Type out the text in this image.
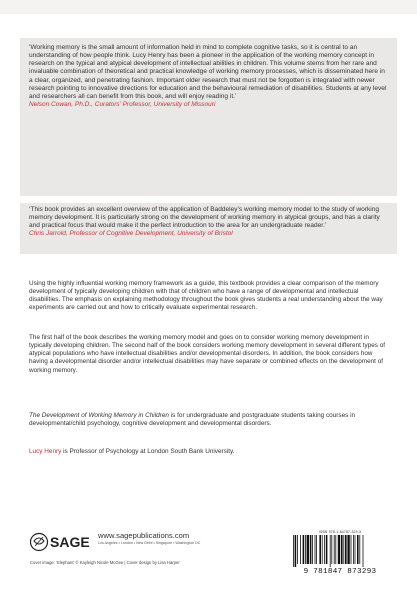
‘Working memory is the small amount of information held in mind to complete cognitive tasks, so it is central to an understanding of how people think. Lucy Henry has been a pioneer in the application of the working memory concept in research on the typical and atypical development of intellectual abilities in children. This volume stems from her rare and invaluable combination of theoretical and practical knowledge of working memory processes, which is disseminated here in a clear, organized, and penetrating fashion. Important older research that must not be forgotten is integrated with newer research pointing to innovative directions for education and the behavioural remediation of disabilities. Students at any level and researchers all can benefit from this book, and will enjoy reading it.’
Nelson Cowan, Ph.D., Curators’ Professor, University of Missouri
‘This book provides an excellent overview of the application of Baddeley’s working memory model to the study of working memory development. It is particularly strong on the development of working memory in atypical groups, and has a clarity and practical focus that would make it the perfect introduction to the area for an undergraduate reader.’
Chris Jarrold, Professor of Cognitive Development, University of Bristol
Using the highly influential working memory framework as a guide, this textbook provides a clear comparison of the memory development of typically developing children with that of children who have a range of developmental and intellectual disabilities. The emphasis on explaining methodology throughout the book gives students a real understanding about the way experiments are carried out and how to critically evaluate experimental research.
The first half of the book describes the working memory model and goes on to consider working memory development in typically developing children. The second half of the book considers working memory development in several different types of atypical populations who have intellectual disabilities and/or developmental disorders. In addition, the book considers how having a developmental disorder and/or intellectual disabilities may have separate or combined effects on the development of working memory.
The Development of Working Memory in Children is for undergraduate and postgraduate students taking courses in developmental/child psychology, cognitive development and developmental disorders.
Lucy Henry is Professor of Psychology at London South Bank University.
SAGE www.sagepublications.com
Los Angeles • London • New Delhi • Singapore • Washington DC
Cover image: ‘Elephant’ © Kayleigh Nicole McGee | Cover design by Lisa Harper
ISBN 978-1-84787-329-3
9 781847 873293
